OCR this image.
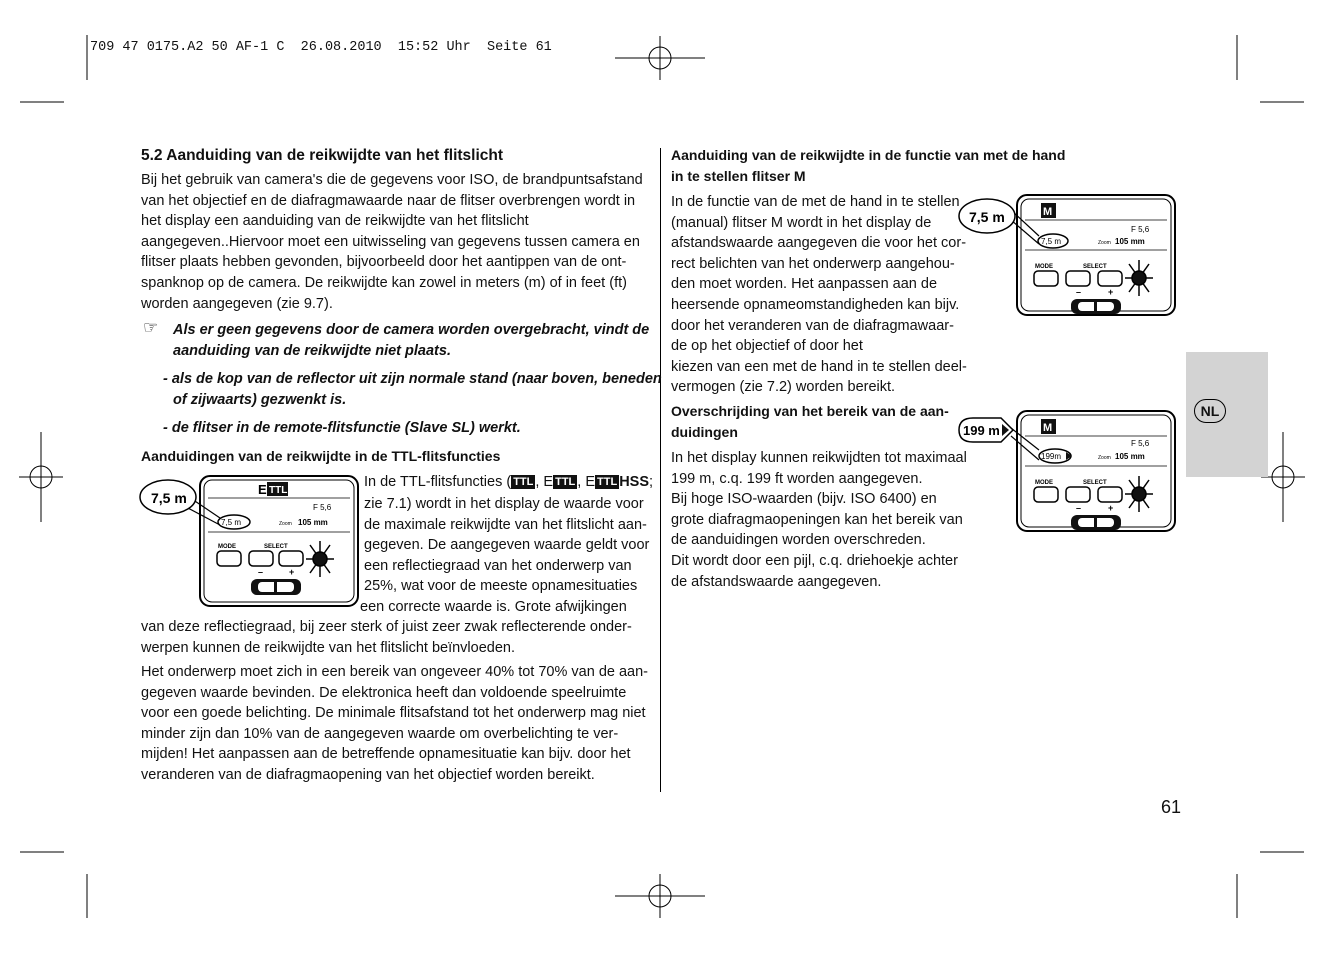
709 47 0175.A2 50 AF-1 C  26.08.2010  15:52 Uhr  Seite 61
NL
5.2 Aanduiding van de reikwijdte van het flitslicht
Bij het gebruik van camera's die de gegevens voor ISO, de brandpuntsafstand
van het objectief en de diafragmawaarde naar de flitser overbrengen wordt in
het display een aanduiding van de reikwijdte van het flitslicht
aangegeven..Hiervoor moet een uitwisseling van gegevens tussen camera en
flitser plaats hebben gevonden, bijvoorbeeld door het aantippen van de ont-
spanknop op de camera. De reikwijdte kan zowel in meters (m) of in feet (ft)
worden aangegeven (zie 9.7).
☞ Als er geen gegevens door de camera worden overgebracht, vindt de
aanduiding van de reikwijdte niet plaats.
- als de kop van de reflector uit zijn normale stand (naar boven, beneden
of zijwaarts) gezwenkt is.
- de flitser in de remote-flitsfunctie (Slave SL) werkt.
Aanduidingen van de reikwijdte in de TTL-flitsfuncties
In de TTL-flitsfuncties ( TTL , E TTL , E TTL HSS;
zie 7.1) wordt in het display de waarde voor
de maximale reikwijdte van het flitslicht aan-
gegeven. De aangegeven waarde geldt voor
een reflectiegraad van het onderwerp van
25%, wat voor de meeste opnamesituaties
een correcte waarde is. Grote afwijkingen
van deze reflectiegraad, bij zeer sterk of juist zeer zwak reflecterende onder-
werpen kunnen de reikwijdte van het flitslicht beïnvloeden.
Het onderwerp moet zich in een bereik van ongeveer 40% tot 70% van de aan-
gegeven waarde bevinden. De elektronica heeft dan voldoende speelruimte
voor een goede belichting. De minimale flitsafstand tot het onderwerp mag niet
minder zijn dan 10% van de aangegeven waarde om overbelichting te ver-
mijden! Het aanpassen aan de betreffende opnamesituatie kan bijv. door het
veranderen van de diafragmaopening van het objectief worden bereikt.
Aanduiding van de reikwijdte in de functie van met de hand
in te stellen flitser M
In de functie van de met de hand in te stellen
(manual) flitser M wordt in het display de
afstandswaarde aangegeven die voor het cor-
rect belichten van het onderwerp aangehou-
den moet worden. Het aanpassen aan de
heersende opnameomstandigheden kan bijv.
door het veranderen van de diafragmawaar-
de op het objectief of door het
kiezen van een met de hand in te stellen deel-
vermogen (zie 7.2) worden bereikt.
Overschrijding van het bereik van de aan-
duidingen
In het display kunnen reikwijdten tot maximaal
199 m, c.q. 199 ft worden aangegeven.
Bij hoge ISO-waarden (bijv. ISO 6400) en
grote diafragmaopeningen kan het bereik van
de aanduidingen worden overschreden.
Dit wordt door een pijl, c.q. driehoekje achter
de afstandswaarde aangegeven.
E TTL
F 5,6
7,5 m	Zoom 105 mm
MODE	SELECT
–	+
7,5 m
M
F 5,6
7,5 m	Zoom 105 mm
MODE	SELECT
–	+
7,5 m
M
F 5,6
199m	Zoom 105 mm
MODE	SELECT
–	+
199 m
61
